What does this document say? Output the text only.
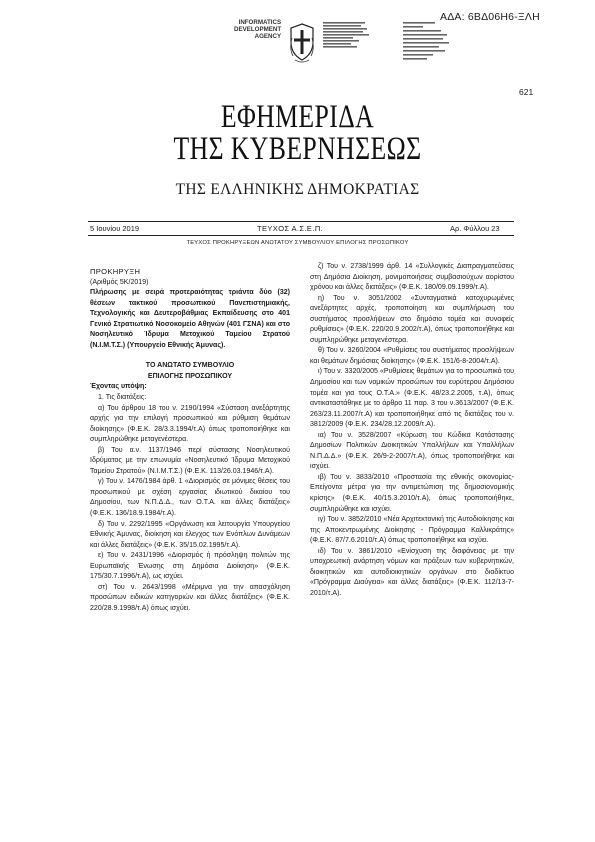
ΑΔΑ: 6ΒΔ06Η6-ΞΛΗ
INFORMATICS
DEVELOPMENT
AGENCY
621
ΕΦΗΜΕΡΙΔΑ
ΤΗΣ ΚΥΒΕΡΝΗΣΕΩΣ
ΤΗΣ ΕΛΛΗΝΙΚΗΣ ΔΗΜΟΚΡΑΤΙΑΣ
5 Ιουνίου 2019	ΤΕΥΧΟΣ Α.Σ.Ε.Π.	Αρ. Φύλλου 23
ΤΕΥΧΟΣ ΠΡΟΚΗΡΥΞΕΩΝ ΑΝΩΤΑΤΟΥ ΣΥΜΒΟΥΛΙΟΥ ΕΠΙΛΟΓΗΣ ΠΡΟΣΩΠΙΚΟΥ

ΠΡΟΚΗΡΥΞΗ

(Αριθμός 5Κ/2019)

Πλήρωσης με σειρά προτεραιότητας τριάντα δύο (32) θέσεων τακτικού προσωπικού Πανεπιστημιακής, Τεχνολογικής και Δευτεροβάθμιας Εκπαίδευσης στο 401 Γενικό Στρατιωτικό Νοσοκομείο Αθηνών (401 ΓΣΝΑ) και στο Νοσηλευτικό Ίδρυμα Μετοχικού Ταμείου Στρατού (Ν.Ι.Μ.Τ.Σ.) (Υπουργείο Εθνικής Άμυνας).

ΤΟ ΑΝΩΤΑΤΟ ΣΥΜΒΟΥΛΙΟ

ΕΠΙΛΟΓΗΣ ΠΡΟΣΩΠΙΚΟΥ

Έχοντας υπόψη:

1. Τις διατάξεις:

α) Του άρθρου 18 του ν. 2190/1994 «Σύσταση ανεξάρτητης αρχής για την επιλογή προσωπικού και ρύθμιση θεμάτων διοίκησης» (Φ.Ε.Κ. 28/3.3.1994/τ.Α) όπως τροποποιήθηκε και συμπληρώθηκε μεταγενέστερα.

β) Του α.ν. 1137/1946 περί σύστασης Νοσηλευτικού Ιδρύματος με την επωνυμία «Νοσηλευτικό Ίδρυμα Μετοχικού Ταμείου Στρατού» (Ν.Ι.Μ.Τ.Σ.) (Φ.Ε.Κ. 113/26.03.1946/τ.Α).

γ) Του ν. 1476/1984 άρθ. 1 «Διορισμός σε μόνιμες θέσεις του προσωπικού με σχέση εργασίας ιδιωτικού δικαίου του Δημοσίου, των Ν.Π.Δ.Δ., των Ο.Τ.Α. και άλλες διατάξεις» (Φ.Ε.Κ. 136/18.9.1984/τ.Α).

δ) Του ν. 2292/1995 «Οργάνωση και λειτουργία Υπουργείου Εθνικής Άμυνας, διοίκηση και έλεγχος των Ενόπλων Δυνάμεων και άλλες διατάξεις» (Φ.Ε.Κ. 35/15.02.1995/τ.Α).

ε) Του ν. 2431/1996 «Διορισμός ή πρόσληψη πολιτών της Ευρωπαϊκής Ένωσης στη Δημόσια Διοίκηση» (Φ.Ε.Κ. 175/30.7.1996/τ.Α), ως ισχύει.

στ) Του ν. 2643/1998 «Μέριμνα για την απασχόληση προσώπων ειδικών κατηγοριών και άλλες διατάξεις» (Φ.Ε.Κ. 220/28.9.1998/τ.Α) όπως ισχύει.

ζ) Του ν. 2738/1999 άρθ. 14 «Συλλογικές Διαπραγματεύσεις στη Δημόσια Διοίκηση, μονιμοποιήσεις συμβασιούχων αορίστου χρόνου και άλλες διατάξεις» (Φ.Ε.Κ. 180/09.09.1999/τ.Α).

η) Του ν. 3051/2002 «Συνταγματικά κατοχυρωμένες ανεξάρτητες αρχές, τροποποίηση και συμπλήρωση του συστήματος προσλήψεων στο δημόσιο τομέα και συναφείς ρυθμίσεις» (Φ.Ε.Κ. 220/20.9.2002/τ.Α), όπως τροποποιήθηκε και συμπληρώθηκε μεταγενέστερα.

θ) Του ν. 3260/2004 «Ρυθμίσεις του συστήματος προσλήψεων και θεμάτων δημόσιας διοίκησης» (Φ.Ε.Κ. 151/6-8-2004/τ.Α).

ι) Του ν. 3320/2005 «Ρυθμίσεις θεμάτων για το προσωπικό του Δημοσίου και των νομικών προσώπων του ευρύτερου Δημόσιου τομέα και για τους Ο.Τ.Α.» (Φ.Ε.Κ. 48/23.2.2005, τ.Α), όπως αντικαταστάθηκε με το άρθρο 11 παρ. 3 του ν.3613/2007 (Φ.Ε.Κ. 263/23.11.2007/τ.Α) και τροποποιήθηκε από τις διατάξεις του ν. 3812/2009 (Φ.Ε.Κ. 234/28.12.2009/τ.Α).

ια) Του ν. 3528/2007 «Κύρωση του Κώδικα Κατάστασης Δημοσίων Πολιτικών Διοικητικών Υπαλλήλων και Υπαλλήλων Ν.Π.Δ.Δ.» (Φ.Ε.Κ. 26/9-2-2007/τ.Α), όπως τροποποιήθηκε και ισχύει.

ιβ) Του ν. 3833/2010 «Προστασία της εθνικής οικονομίας-Επείγοντα μέτρα για την αντιμετώπιση της δημοσιονομικής κρίσης» (Φ.Ε.Κ. 40/15.3.2010/τ.Α), όπως τροποποιήθηκε, συμπληρώθηκε και ισχύει.

ιγ) Του ν. 3852/2010 «Νέα Αρχιτεκτονική της Αυτοδιοίκησης και της Αποκεντρωμένης Διοίκησης - Πρόγραμμα Καλλικράτης» (Φ.Ε.Κ. 87/7.6.2010/τ.Α) όπως τροποποιήθηκε και ισχύει.

ιδ) Του ν. 3861/2010 «Ενίσχυση της διαφάνειας με την υποχρεωτική ανάρτηση νόμων και πράξεων των κυβερνητικών, διοικητικών και αυτοδιοικητικών οργάνων στο διαδίκτυο «Πρόγραμμα Διαύγεια» και άλλες διατάξεις» (Φ.Ε.Κ. 112/13-7-2010/τ.Α).
